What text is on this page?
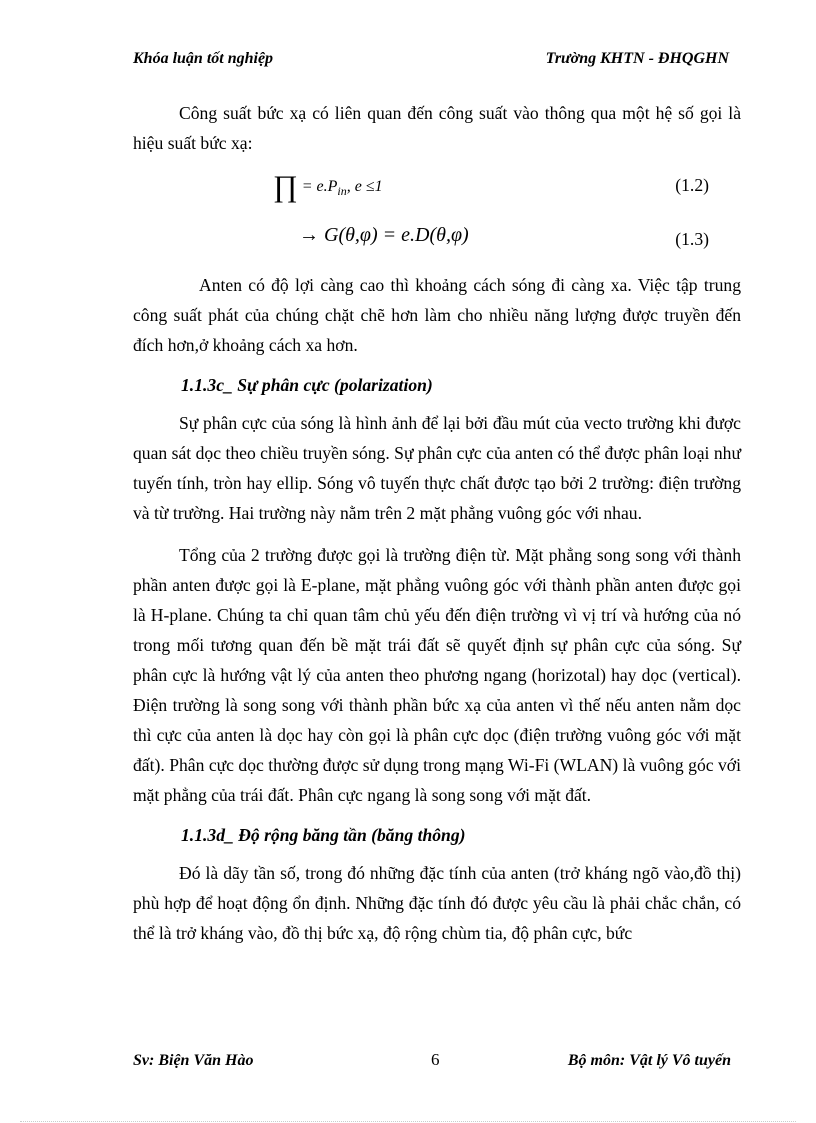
Khóa luận tốt nghiệp	Trường KHTN - ĐHQGHN

Công suất bức xạ có liên quan đến công suất vào thông qua một hệ số gọi là hiệu suất bức xạ:

∏ = $e.P_{in}$, e ≤1	(1.2)
→ G(θ,φ) = e.D(θ,φ)	(1.3)

Anten có độ lợi càng cao thì khoảng cách sóng đi càng xa. Việc tập trung công suất phát của chúng chặt chẽ hơn làm cho nhiều năng lượng được truyền đến đích hơn,ở khoảng cách xa hơn.

1.1.3c_ Sự phân cực (polarization)

Sự phân cực của sóng là hình ảnh để lại bởi đầu mút của vecto trường khi được quan sát dọc theo chiều truyền sóng. Sự phân cực của anten có thể được phân loại như tuyến tính, tròn hay ellip. Sóng vô tuyến thực chất được tạo bởi 2 trường: điện trường và từ trường. Hai trường này nằm trên 2 mặt phẳng vuông góc với nhau.

Tổng của 2 trường được gọi là trường điện từ. Mặt phẳng song song với thành phần anten được gọi là E-plane, mặt phẳng vuông góc với thành phần anten được gọi là H-plane. Chúng ta chỉ quan tâm chủ yếu đến điện trường vì vị trí và hướng của nó trong mối tương quan đến bề mặt trái đất sẽ quyết định sự phân cực của sóng. Sự phân cực là hướng vật lý của anten theo phương ngang (horizotal) hay dọc (vertical). Điện trường là song song với thành phần bức xạ của anten vì thế nếu anten nằm dọc thì cực của anten là dọc hay còn gọi là phân cực dọc (điện trường vuông góc với mặt đất). Phân cực dọc thường được sử dụng trong mạng Wi-Fi (WLAN) là vuông góc với mặt phẳng của trái đất. Phân cực ngang là song song với mặt đất.

1.1.3d_ Độ rộng băng tần (băng thông)

Đó là dãy tần số, trong đó những đặc tính của anten (trở kháng ngõ vào,đồ thị) phù hợp để hoạt động ổn định. Những đặc tính đó được yêu cầu là phải chắc chắn, có thể là trở kháng vào, đồ thị bức xạ, độ rộng chùm tia, độ phân cực, bức

Sv: Biện Văn Hào	6	Bộ môn: Vật lý Vô tuyến
